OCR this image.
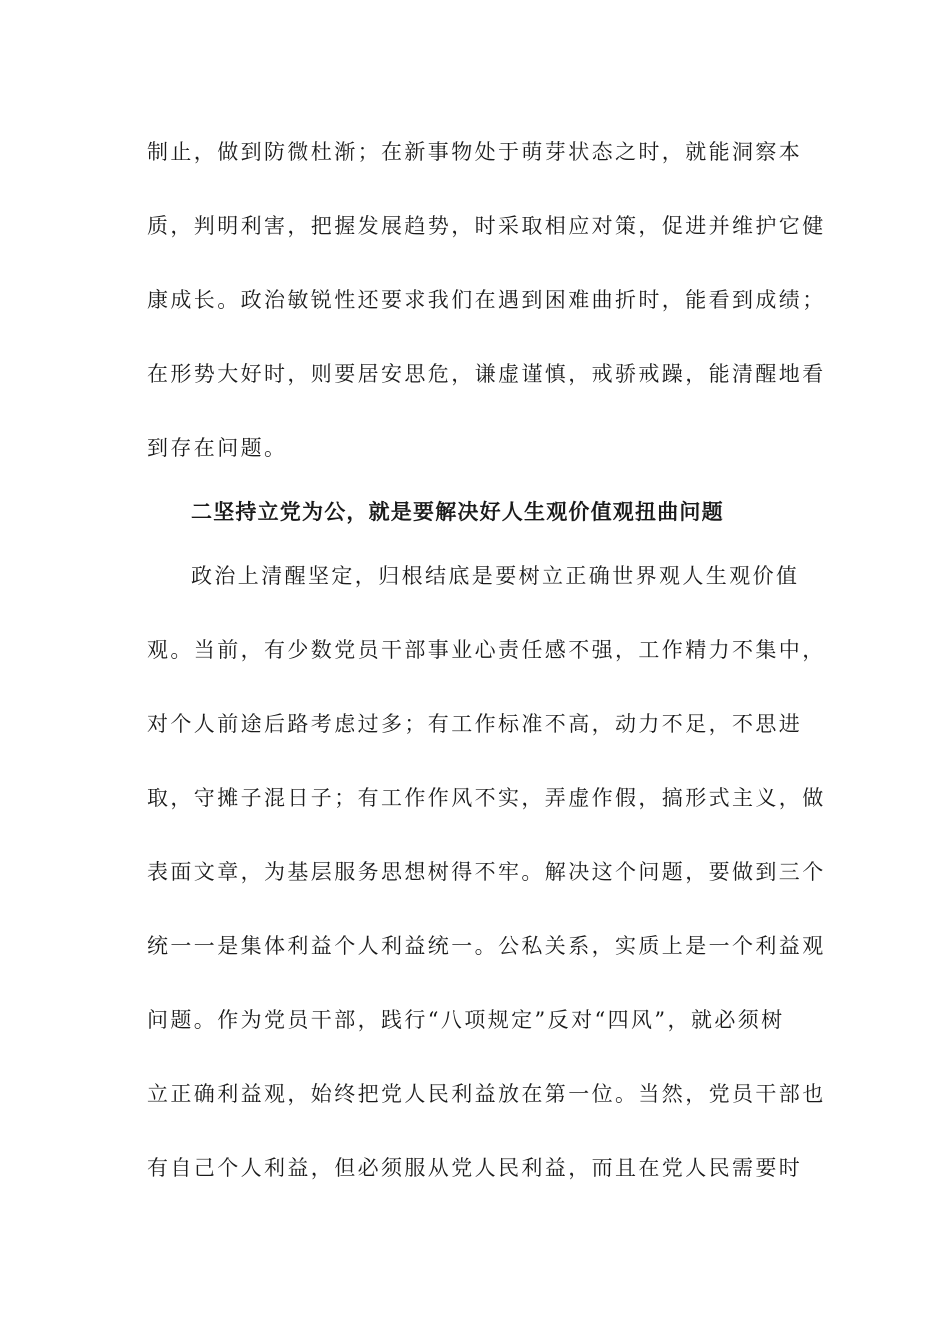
制止，做到防微杜渐；在新事物处于萌芽状态之时，就能洞察本
质，判明利害，把握发展趋势，时采取相应对策，促进并维护它健
康成长。政治敏锐性还要求我们在遇到困难曲折时，能看到成绩；
在形势大好时，则要居安思危，谦虚谨慎，戒骄戒躁，能清醒地看
到存在问题。
二坚持立党为公，就是要解决好人生观价值观扭曲问题
政治上清醒坚定，归根结底是要树立正确世界观人生观价值
观。当前，有少数党员干部事业心责任感不强，工作精力不集中，
对个人前途后路考虑过多；有工作标准不高，动力不足，不思进
取，守摊子混日子；有工作作风不实，弄虚作假，搞形式主义，做
表面文章，为基层服务思想树得不牢。解决这个问题，要做到三个
统一一是集体利益个人利益统一。公私关系，实质上是一个利益观
问题。作为党员干部，践行“八项规定”反对“四风”，就必须树
立正确利益观，始终把党人民利益放在第一位。当然，党员干部也
有自己个人利益，但必须服从党人民利益，而且在党人民需要时
